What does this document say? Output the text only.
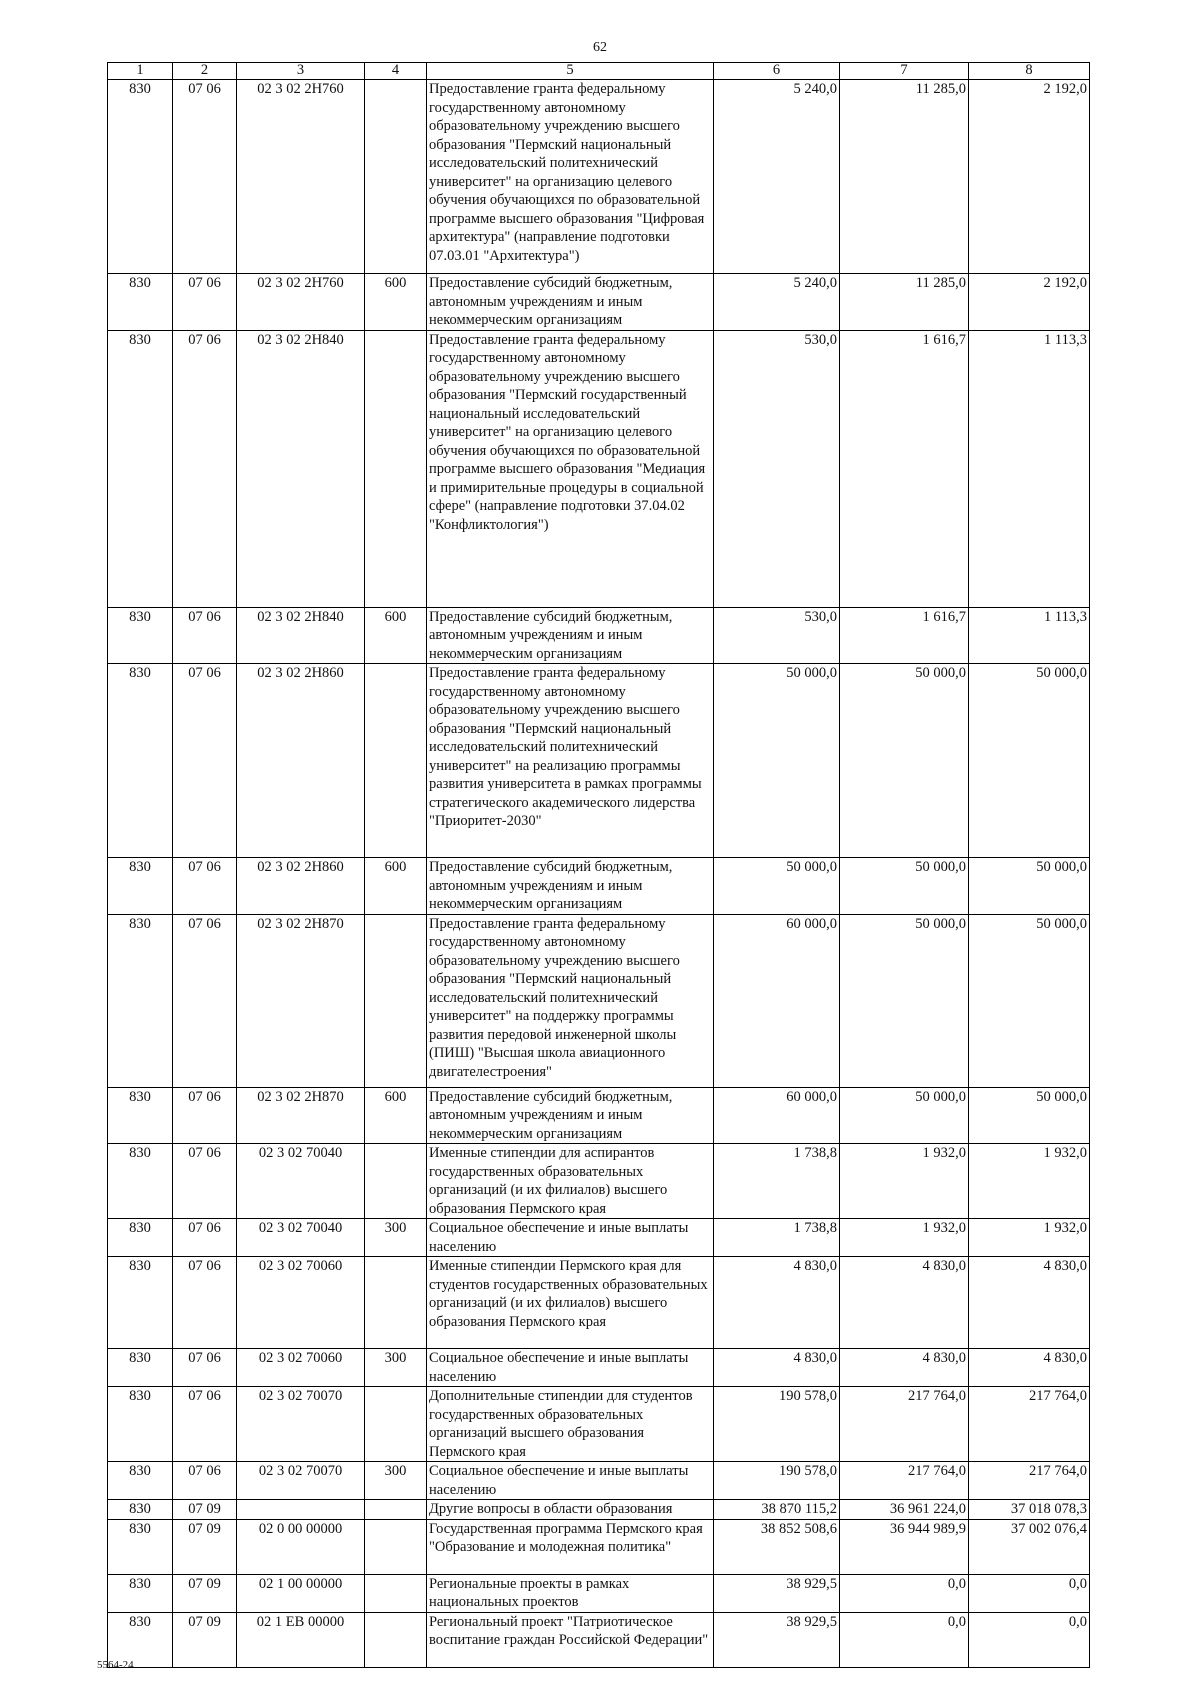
62
1	2	3	4	5	6	7	8
830	07 06	02 3 02 2Н760		Предоставление гранта федеральному государственному автономному образовательному учреждению высшего образования "Пермский национальный исследовательский политехнический университет" на организацию целевого обучения обучающихся по образовательной программе высшего образования "Цифровая архитектура" (направление подготовки 07.03.01 "Архитектура")	5 240,0	11 285,0	2 192,0
830	07 06	02 3 02 2Н760	600	Предоставление субсидий бюджетным, автономным учреждениям и иным некоммерческим организациям	5 240,0	11 285,0	2 192,0
830	07 06	02 3 02 2Н840		Предоставление гранта федеральному государственному автономному образовательному учреждению высшего образования "Пермский государственный национальный исследовательский университет" на организацию целевого обучения обучающихся по образовательной программе высшего образования "Медиация и примирительные процедуры в социальной сфере" (направление подготовки 37.04.02 "Конфликтология")	530,0	1 616,7	1 113,3
830	07 06	02 3 02 2Н840	600	Предоставление субсидий бюджетным, автономным учреждениям и иным некоммерческим организациям	530,0	1 616,7	1 113,3
830	07 06	02 3 02 2Н860		Предоставление гранта федеральному государственному автономному образовательному учреждению высшего образования "Пермский национальный исследовательский политехнический университет" на реализацию программы развития университета в рамках программы стратегического академического лидерства "Приоритет-2030"	50 000,0	50 000,0	50 000,0
830	07 06	02 3 02 2Н860	600	Предоставление субсидий бюджетным, автономным учреждениям и иным некоммерческим организациям	50 000,0	50 000,0	50 000,0
830	07 06	02 3 02 2Н870		Предоставление гранта федеральному государственному автономному образовательному учреждению высшего образования "Пермский национальный исследовательский политехнический университет" на поддержку программы развития передовой инженерной школы (ПИШ) "Высшая школа авиационного двигателестроения"	60 000,0	50 000,0	50 000,0
830	07 06	02 3 02 2Н870	600	Предоставление субсидий бюджетным, автономным учреждениям и иным некоммерческим организациям	60 000,0	50 000,0	50 000,0
830	07 06	02 3 02 70040		Именные стипендии для аспирантов государственных образовательных организаций (и их филиалов) высшего образования Пермского края	1 738,8	1 932,0	1 932,0
830	07 06	02 3 02 70040	300	Социальное обеспечение и иные выплаты населению	1 738,8	1 932,0	1 932,0
830	07 06	02 3 02 70060		Именные стипендии Пермского края для студентов государственных образовательных организаций (и их филиалов) высшего образования Пермского края	4 830,0	4 830,0	4 830,0
830	07 06	02 3 02 70060	300	Социальное обеспечение и иные выплаты населению	4 830,0	4 830,0	4 830,0
830	07 06	02 3 02 70070		Дополнительные стипендии для студентов государственных образовательных организаций высшего образования Пермского края	190 578,0	217 764,0	217 764,0
830	07 06	02 3 02 70070	300	Социальное обеспечение и иные выплаты населению	190 578,0	217 764,0	217 764,0
830	07 09			Другие вопросы в области образования	38 870 115,2	36 961 224,0	37 018 078,3
830	07 09	02 0 00 00000		Государственная программа Пермского края "Образование и молодежная политика"	38 852 508,6	36 944 989,9	37 002 076,4
830	07 09	02 1 00 00000		Региональные проекты в рамках национальных проектов	38 929,5	0,0	0,0
830	07 09	02 1 ЕВ 00000		Региональный проект "Патриотическое воспитание граждан Российской Федерации"	38 929,5	0,0	0,0
5564-24
